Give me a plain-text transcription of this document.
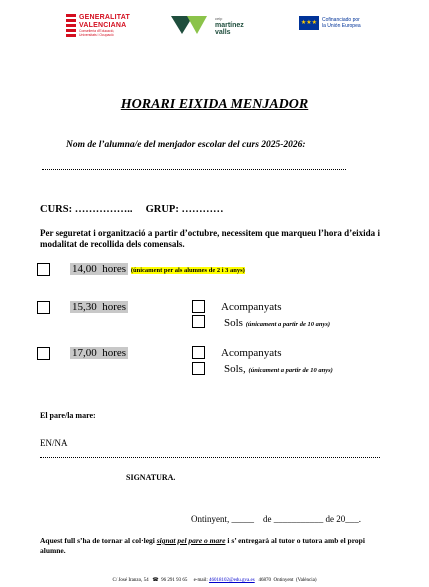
GENERALITAT
VALENCIANA
Conselleria d'Educació,
Universitats i Ocupació
ceip
martínez
valls
★★★ Cofinanciado por
la Unión Europea
HORARI EIXIDA MENJADOR
Nom de l’alumna/e del menjador escolar del curs 2025-2026:
CURS: ……………..     GRUP: …………
Per seguretat i organització a partir d’octubre, necessitem que marqueu l’hora d’eixida i modalitat de recollida dels comensals.
14,00  hores (únicament per als alumnes de 2 i 3 anys)
15,30  hores	Acompanyats
Sols (únicament a partir de 10 anys)
17,00  hores	Acompanyats
Sols, (únicament a partir de 10 anys)
El pare/la mare:
EN/NA
SIGNATURA.
Ontinyent, _____    de ___________ de 20___.
Aquest full s’ha de tornar al col·legi signat pel pare o mare i s’ entregarà al tutor o tutora amb el propi alumne.
C/ José Iranzo, 54   ☎  96 291 93 65     e-mail: 46018102@edu.gva.es   46870  Ontinyent  (València)
